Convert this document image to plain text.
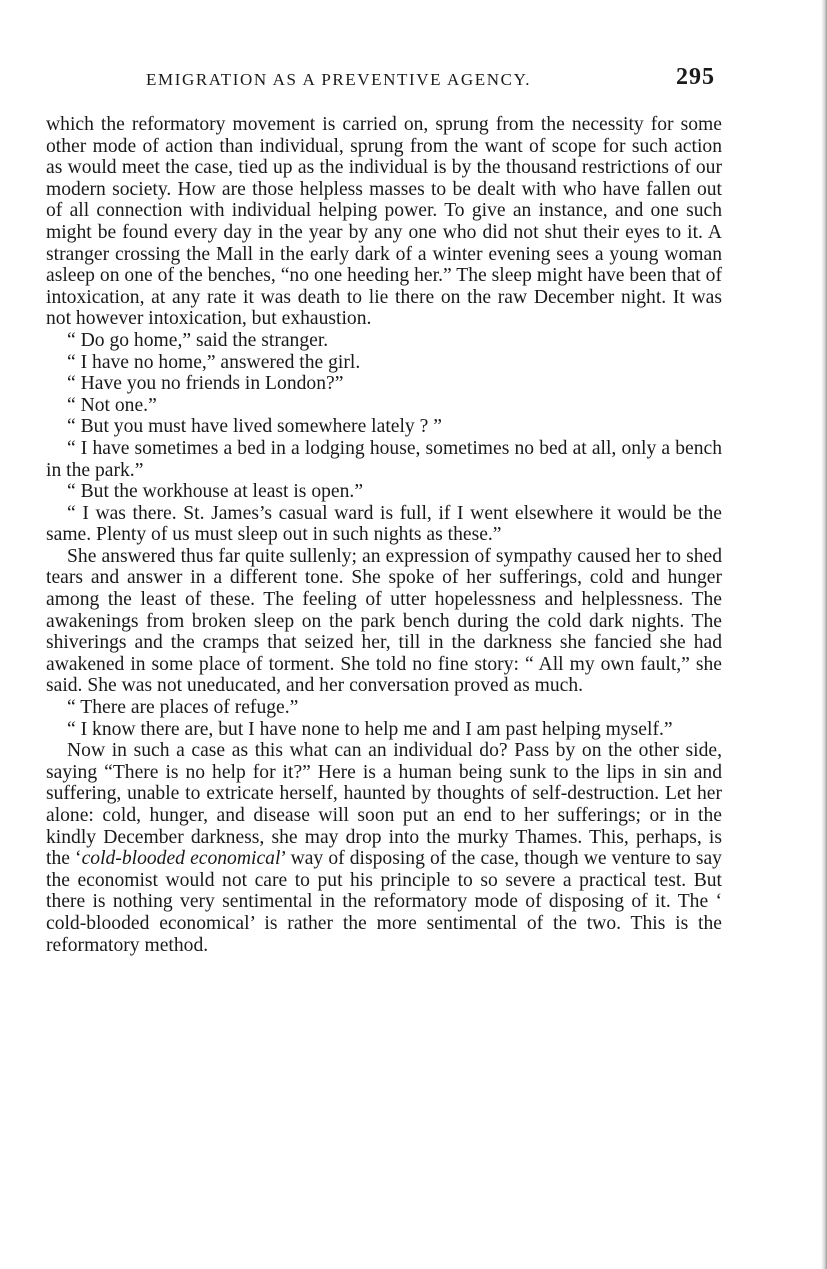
EMIGRATION AS A PREVENTIVE AGENCY.	295

which the reformatory movement is carried on, sprung from the necessity for some other mode of action than individual, sprung from the want of scope for such action as would meet the case, tied up as the individual is by the thousand restrictions of our modern society. How are those helpless masses to be dealt with who have fallen out of all connection with individual helping power. To give an instance, and one such might be found every day in the year by any one who did not shut their eyes to it. A stranger crossing the Mall in the early dark of a winter evening sees a young woman asleep on one of the benches, “no one heeding her.” The sleep might have been that of intoxication, at any rate it was death to lie there on the raw December night. It was not however intoxication, but exhaustion.

“ Do go home,” said the stranger.

“ I have no home,” answered the girl.

“ Have you no friends in London?”

“ Not one.”

“ But you must have lived somewhere lately ? ”

“ I have sometimes a bed in a lodging house, sometimes no bed at all, only a bench in the park.”

“ But the workhouse at least is open.”

“ I was there. St. James’s casual ward is full, if I went elsewhere it would be the same. Plenty of us must sleep out in such nights as these.”

She answered thus far quite sullenly; an expression of sympathy caused her to shed tears and answer in a different tone. She spoke of her sufferings, cold and hunger among the least of these. The feeling of utter hopelessness and helplessness. The awakenings from broken sleep on the park bench during the cold dark nights. The shiverings and the cramps that seized her, till in the darkness she fancied she had awakened in some place of torment. She told no fine story: “ All my own fault,” she said. She was not uneducated, and her conversation proved as much.

“ There are places of refuge.”

“ I know there are, but I have none to help me and I am past helping myself.”

Now in such a case as this what can an individual do? Pass by on the other side, saying “There is no help for it?” Here is a human being sunk to the lips in sin and suffering, unable to extricate herself, haunted by thoughts of self-destruction. Let her alone: cold, hunger, and disease will soon put an end to her sufferings; or in the kindly December darkness, she may drop into the murky Thames. This, perhaps, is the ‘cold-blooded economical’ way of disposing of the case, though we venture to say the economist would not care to put his principle to so severe a practical test. But there is nothing very sentimental in the reformatory mode of disposing of it. The ‘ cold-blooded economical’ is rather the more sentimental of the two. This is the reformatory method.
